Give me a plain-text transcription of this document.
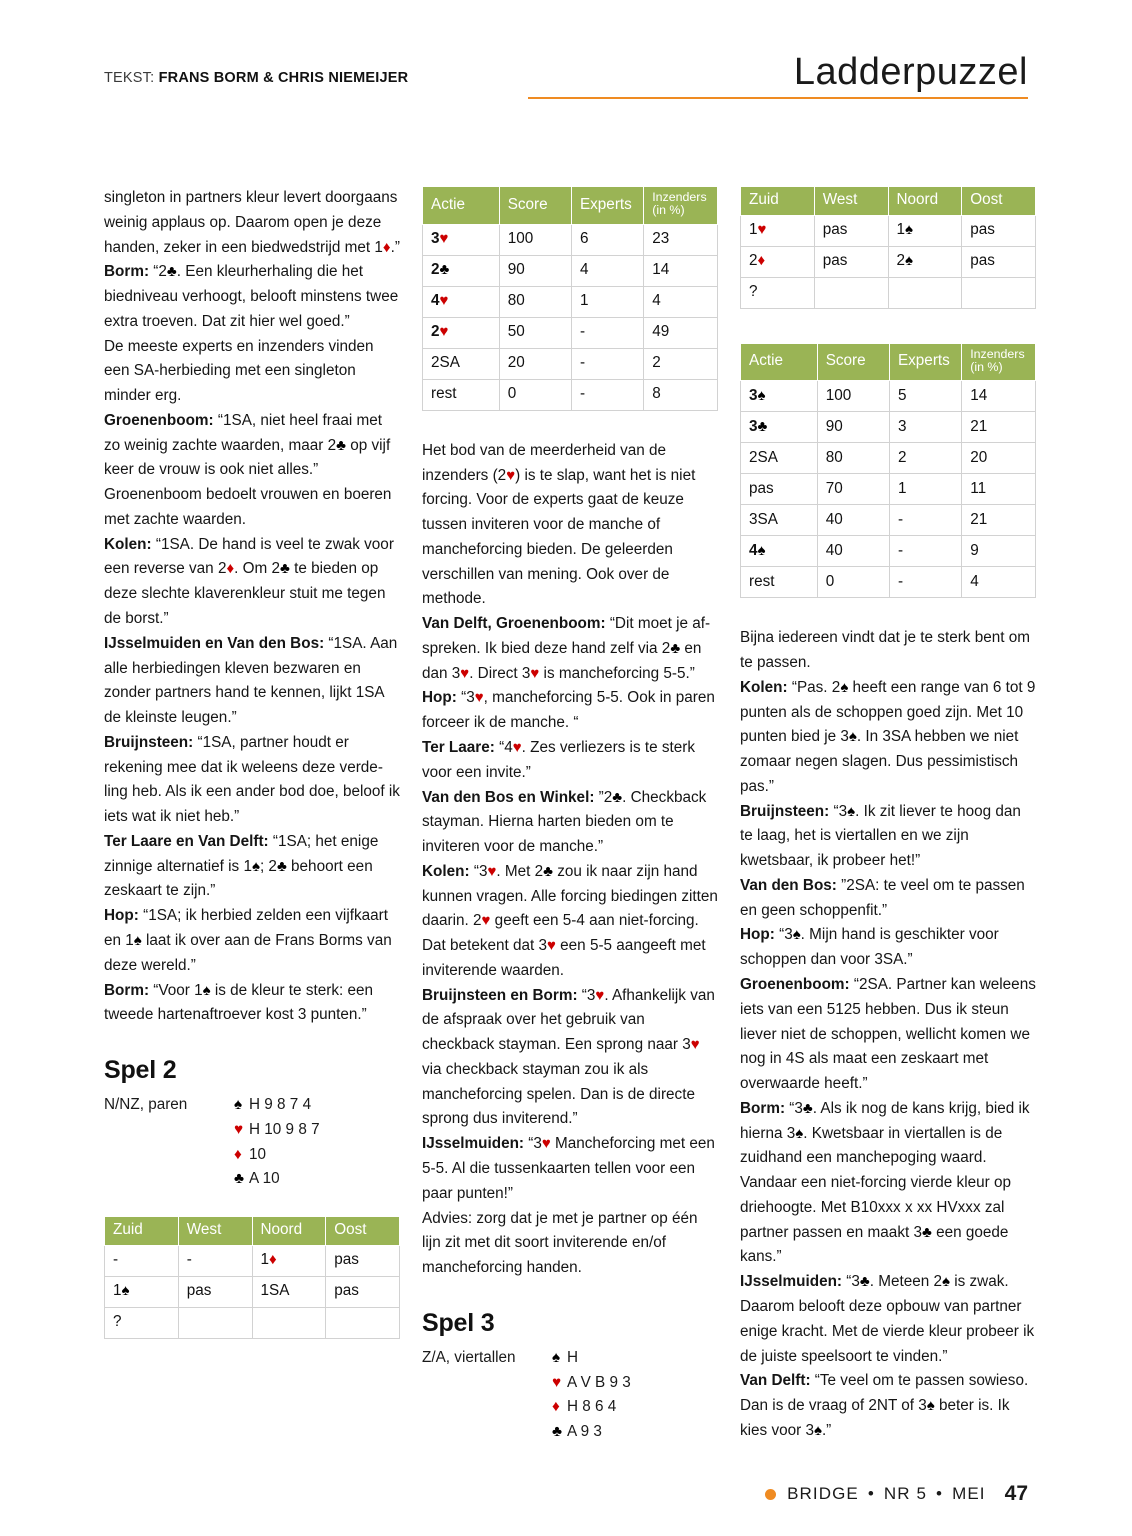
TEKST: FRANS BORM & CHRIS NIEMEIJER	Ladderpuzzel

singleton in partners kleur levert doorgaans weinig applaus op. Daarom open je deze handen, zeker in een biedwedstrijd met 1♦.”

Borm: “2♣. Een kleurherhaling die het biedniveau verhoogt, belooft minstens twee extra troeven. Dat zit hier wel goed.”

De meeste experts en inzenders vinden een SA-herbieding met een singleton minder erg.

Groenenboom: “1SA, niet heel fraai met zo weinig zachte waarden, maar 2♣ op vijf keer de vrouw is ook niet alles.” Groenenboom bedoelt vrouwen en boeren met zachte waarden.

Kolen: “1SA. De hand is veel te zwak voor een reverse van 2♦. Om 2♣ te bieden op deze slechte klaverenkleur stuit me tegen de borst.”

IJsselmuiden en Van den Bos: “1SA. Aan alle herbiedingen kleven bezwaren en zonder partners hand te kennen, lijkt 1SA de kleinste leugen.”

Bruijnsteen: “1SA, partner houdt er rekening mee dat ik weleens deze verdeling heb. Als ik een ander bod doe, beloof ik iets wat ik niet heb.”

Ter Laare en Van Delft: “1SA; het enige zinnige alternatief is 1♠; 2♣ behoort een zeskaart te zijn.”

Hop: “1SA; ik herbied zelden een vijfkaart en 1♠ laat ik over aan de Frans Borms van deze wereld.”

Borm: “Voor 1♠ is de kleur te sterk: een tweede hartenaftroever kost 3 punten.”

Spel 2
N/NZ, paren	♠ H 9 8 7 4
♥ H 10 9 8 7
♦ 10
♣ A 10
Zuid	West	Noord	Oost
-	-	1♦	pas
1♠	pas	1SA	pas
?			
Actie	Score	Experts	Inzenders
(in %)

3♥	100	6	23
2♣	90	4	14
4♥	80	1	4
2♥	50	-	49
2SA	20	-	2
rest	0	-	8

Het bod van de meerderheid van de inzenders (2♥) is te slap, want het is niet forcing. Voor de experts gaat de keuze tussen inviteren voor de manche of mancheforcing bieden. De geleerden verschillen van mening. Ook over de methode.

Van Delft, Groenenboom: “Dit moet je afspreken. Ik bied deze hand zelf via 2♣ en dan 3♥. Direct 3♥ is mancheforcing 5-5.”

Hop: “3♥, mancheforcing 5-5. Ook in paren forceer ik de manche. “

Ter Laare: “4♥. Zes verliezers is te sterk voor een invite.”

Van den Bos en Winkel: ”2♣. Checkback stayman. Hierna harten bieden om te inviteren voor de manche.”

Kolen: “3♥. Met 2♣ zou ik naar zijn hand kunnen vragen. Alle forcing biedingen zitten daarin. 2♥ geeft een 5-4 aan niet-forcing. Dat betekent dat 3♥ een 5-5 aangeeft met inviterende waarden.

Bruijnsteen en Borm: “3♥. Afhankelijk van de afspraak over het gebruik van checkback stayman. Een sprong naar 3♥ via checkback stayman zou ik als mancheforcing spelen. Dan is de directe sprong dus inviterend.”

IJsselmuiden: “3♥ Mancheforcing met een 5-5. Al die tussenkaarten tellen voor een paar punten!”

Advies: zorg dat je met je partner op één lijn zit met dit soort inviterende en/of mancheforcing handen.

Spel 3
Z/A, viertallen	♠ H
♥ A V B 9 3
♦ H 8 6 4
♣ A 9 3
Zuid	West	Noord	Oost
1♥	pas	1♠	pas
2♦	pas	2♠	pas
?			
Actie	Score	Experts	Inzenders
(in %)

3♠	100	5	14
3♣	90	3	21
2SA	80	2	20
pas	70	1	11
3SA	40	-	21
4♠	40	-	9
rest	0	-	4

Bijna iedereen vindt dat je te sterk bent om te passen.

Kolen: “Pas. 2♠ heeft een range van 6 tot 9 punten als de schoppen goed zijn. Met 10 punten bied je 3♠. In 3SA hebben we niet zomaar negen slagen. Dus pessimistisch pas.”

Bruijnsteen: “3♠. Ik zit liever te hoog dan te laag, het is viertallen en we zijn kwetsbaar, ik probeer het!”

Van den Bos: ”2SA: te veel om te passen en geen schoppenfit.”

Hop: “3♠. Mijn hand is geschikter voor schoppen dan voor 3SA.”

Groenenboom: “2SA. Partner kan weleens iets van een 5125 hebben. Dus ik steun liever niet de schoppen, wellicht komen we nog in 4S als maat een zeskaart met overwaarde heeft.”

Borm: “3♣. Als ik nog de kans krijg, bied ik hierna 3♠. Kwetsbaar in viertallen is de zuidhand een manchepoging waard. Vandaar een niet-forcing vierde kleur op driehoogte. Met B10xxx x xx HVxxx zal partner passen en maakt 3♣ een goede kans.”

IJsselmuiden: “3♣. Meteen 2♠ is zwak. Daarom belooft deze opbouw van partner enige kracht. Met de vierde kleur probeer ik de juiste speelsoort te vinden.”

Van Delft: “Te veel om te passen sowieso. Dan is de vraag of 2NT of 3♠ beter is. Ik kies voor 3♠.”

BRIDGE • NR 5 • MEI 47
